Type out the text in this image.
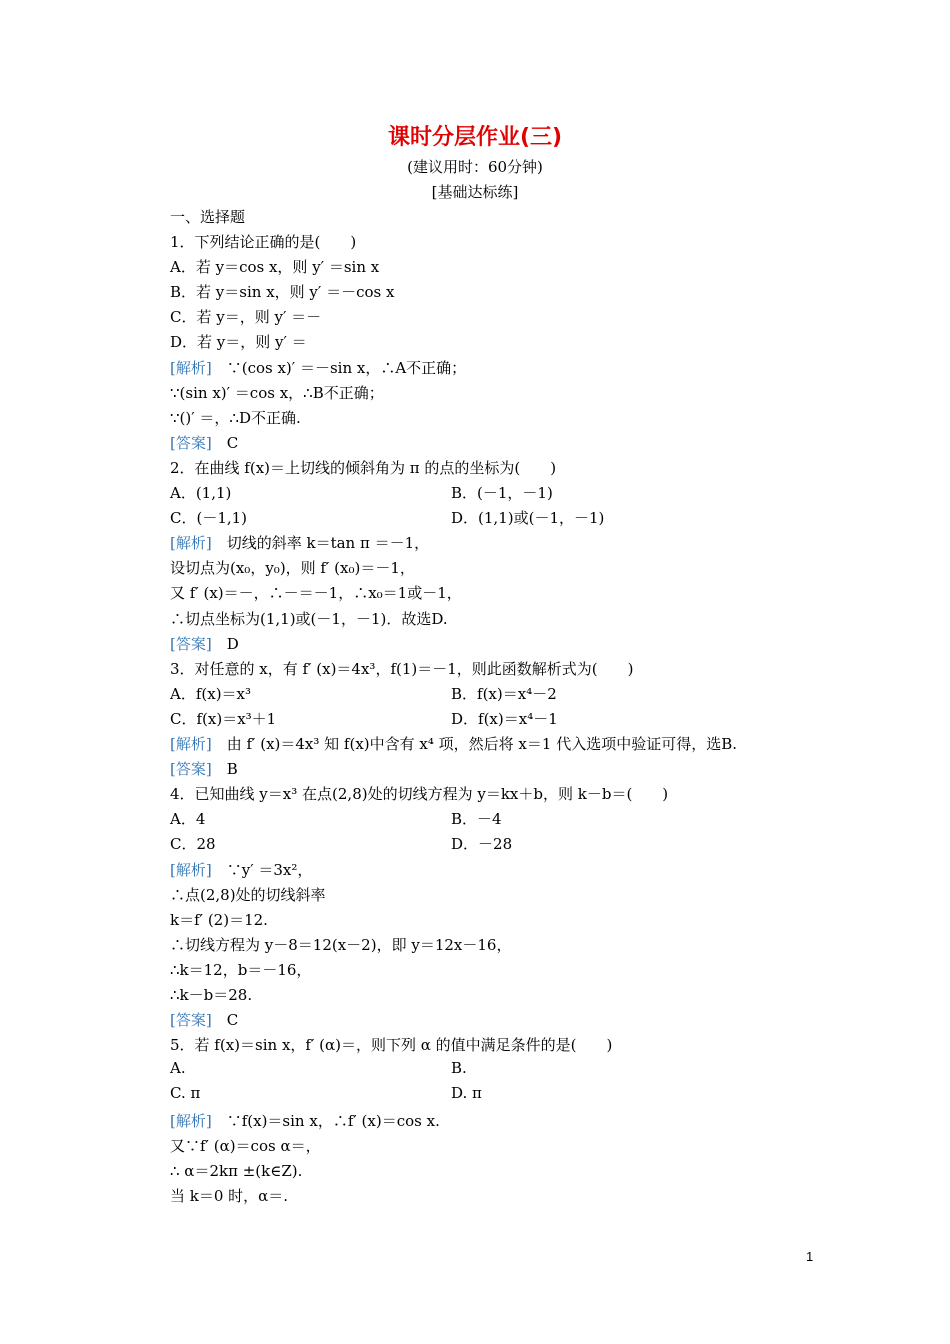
课时分层作业(三)
(建议用时：60分钟)
[基础达标练]
一、选择题
1．下列结论正确的是(　　)
A．若 y＝cos x，则 y′ ＝sin x
B．若 y＝sin x，则 y′ ＝－cos x
C．若 y＝，则 y′ ＝－
D．若 y＝，则 y′ ＝
[解析]　∵(cos x)′ ＝－sin x，∴A不正确；
∵(sin x)′ ＝cos x，∴B不正确；
∵()′ ＝，∴D不正确.
[答案]　C
2．在曲线 f(x)＝上切线的倾斜角为 π 的点的坐标为(　　)
A．(1,1)	B．(－1，－1)
C．(－1,1)	D．(1,1)或(－1，－1)
[解析]　切线的斜率 k＝tan π ＝－1，
设切点为(x₀，y₀)，则 f′ (x₀)＝－1，
又 f′ (x)＝－，∴－＝－1，∴x₀＝1或－1，
∴切点坐标为(1,1)或(－1，－1)．故选D.
[答案]　D
3．对任意的 x，有 f′ (x)＝4x³，f(1)＝－1，则此函数解析式为(　　)
A．f(x)＝x³	B．f(x)＝x⁴－2
C．f(x)＝x³＋1	D．f(x)＝x⁴－1
[解析]　由 f′ (x)＝4x³ 知 f(x)中含有 x⁴ 项，然后将 x＝1 代入选项中验证可得，选B.
[答案]　B
4．已知曲线 y＝x³ 在点(2,8)处的切线方程为 y＝kx＋b，则 k－b＝(　　)
A．4	B．－4
C．28	D．－28
[解析]　∵y′ ＝3x²，
∴点(2,8)处的切线斜率
k＝f′ (2)＝12.
∴切线方程为 y－8＝12(x－2)，即 y＝12x－16，
∴k＝12，b＝－16，
∴k－b＝28.
[答案]　C
5．若 f(x)＝sin x，f′ (α)＝，则下列 α 的值中满足条件的是(　　)
A.	B.
C. π	D. π
[解析]　∵f(x)＝sin x，∴f′ (x)＝cos x.
又∵f′ (α)＝cos α＝，
∴ α＝2kπ ±(k∈Z).
当 k＝0 时，α＝.
1
